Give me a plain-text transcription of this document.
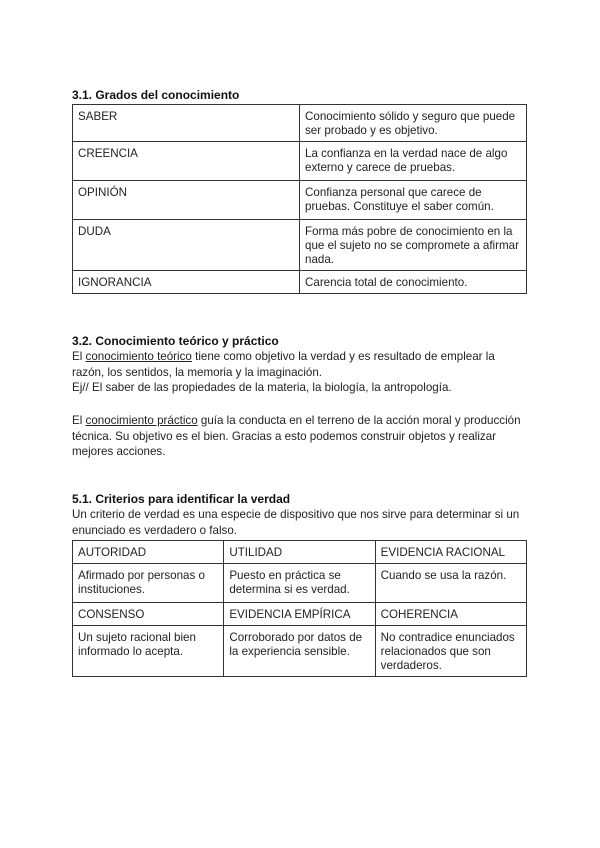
3.1. Grados del conocimiento
SABER	Conocimiento sólido y seguro que puede ser probado y es objetivo.
CREENCIA	La confianza en la verdad nace de algo externo y carece de pruebas.
OPINIÓN	Confianza personal que carece de pruebas. Constituye el saber común.
DUDA	Forma más pobre de conocimiento en la que el sujeto no se compromete a afirmar nada.
IGNORANCIA	Carencia total de conocimiento.
3.2. Conocimiento teórico y práctico

El conocimiento teórico tiene como objetivo la verdad y es resultado de emplear la razón, los sentidos, la memoria y la imaginación.

Ej// El saber de las propiedades de la materia, la biología, la antropología.

El conocimiento práctico guía la conducta en el terreno de la acción moral y producción técnica. Su objetivo es el bien. Gracias a esto podemos construir objetos y realizar mejores acciones.

5.1. Criterios para identificar la verdad

Un criterio de verdad es una especie de dispositivo que nos sirve para determinar si un enunciado es verdadero o falso.

AUTORIDAD	UTILIDAD	EVIDENCIA RACIONAL
Afirmado por personas o instituciones.	Puesto en práctica se determina si es verdad.	Cuando se usa la razón.
CONSENSO	EVIDENCIA EMPÍRICA	COHERENCIA
Un sujeto racional bien informado lo acepta.	Corroborado por datos de la experiencia sensible.	No contradice enunciados relacionados que son verdaderos.
